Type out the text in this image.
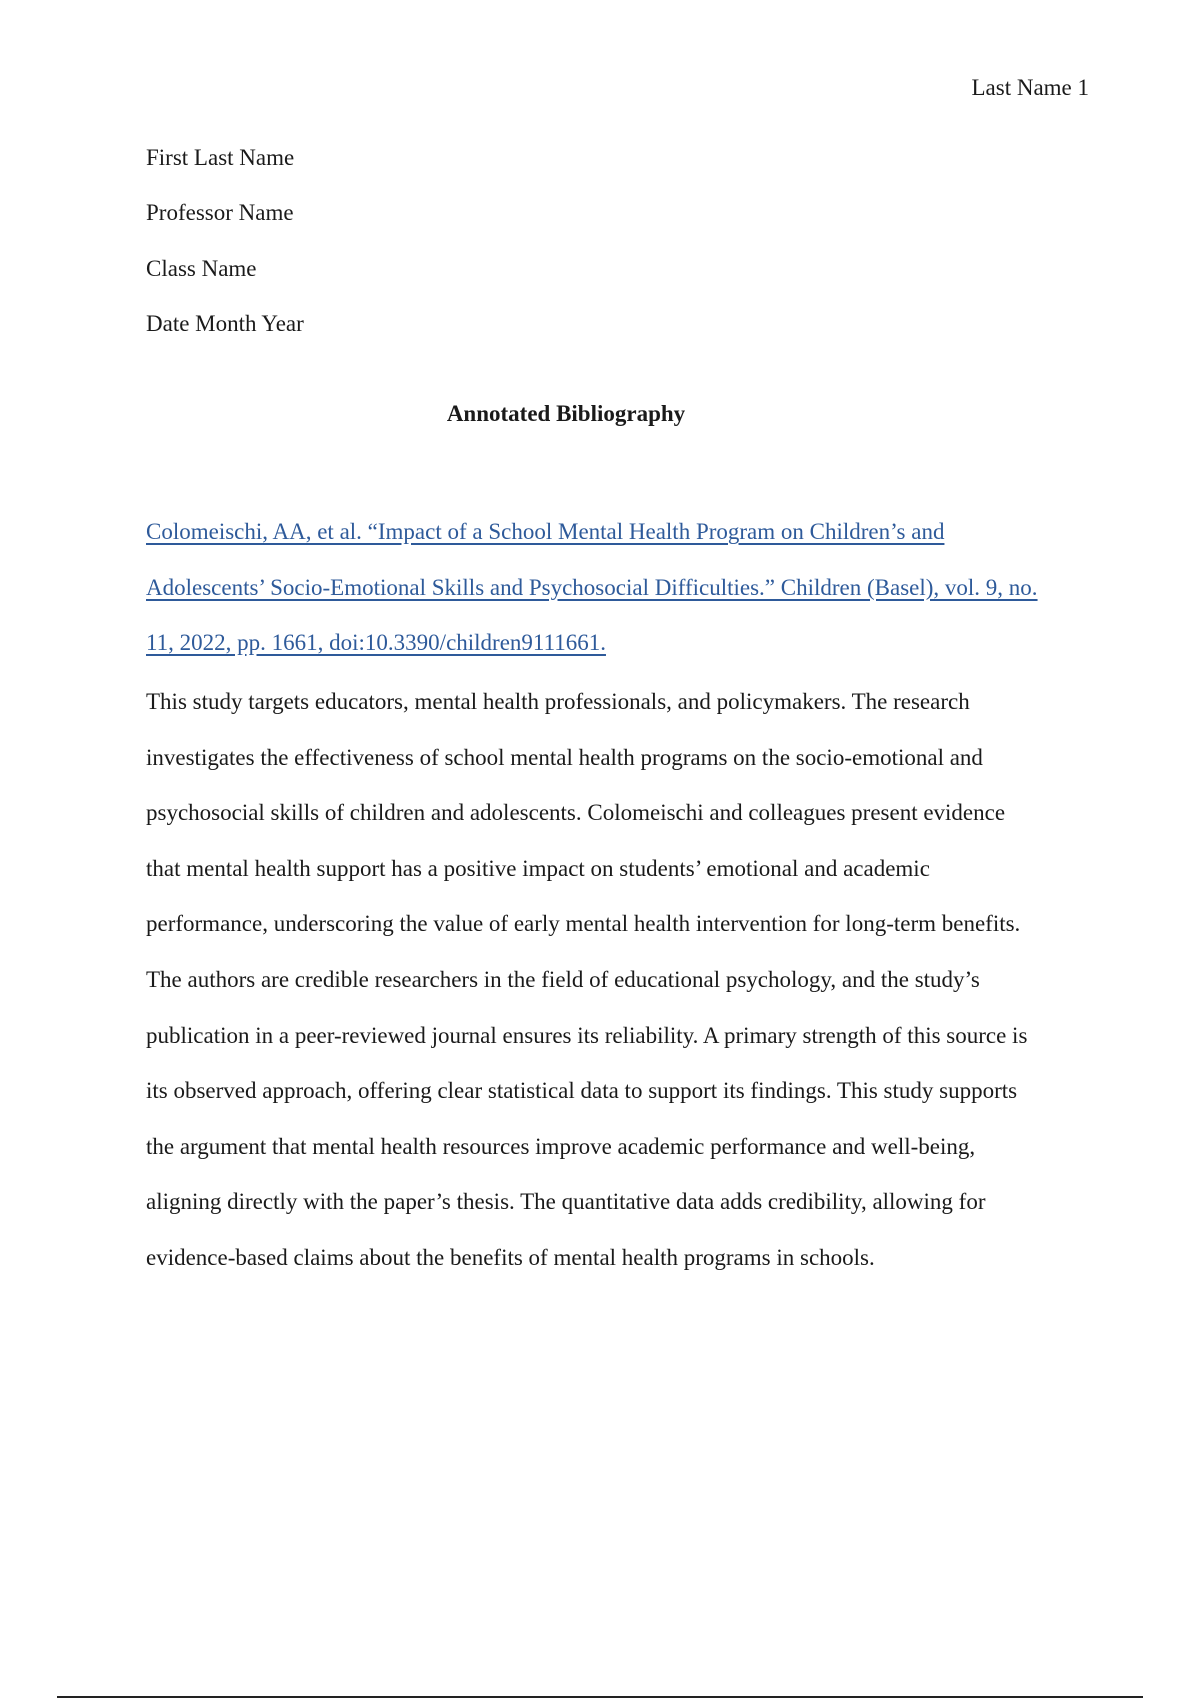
Last Name 1
First Last Name
Professor Name
Class Name
Date Month Year
Annotated Bibliography
Colomeischi, AA, et al. “Impact of a School Mental Health Program on Children’s and
Adolescents’ Socio-Emotional Skills and Psychosocial Difficulties.” Children (Basel), vol. 9, no.
11, 2022, pp. 1661, doi:10.3390/children9111661.
This study targets educators, mental health professionals, and policymakers. The research
investigates the effectiveness of school mental health programs on the socio-emotional and
psychosocial skills of children and adolescents. Colomeischi and colleagues present evidence
that mental health support has a positive impact on students’ emotional and academic
performance, underscoring the value of early mental health intervention for long-term benefits.
The authors are credible researchers in the field of educational psychology, and the study’s
publication in a peer-reviewed journal ensures its reliability. A primary strength of this source is
its observed approach, offering clear statistical data to support its findings. This study supports
the argument that mental health resources improve academic performance and well-being,
aligning directly with the paper’s thesis. The quantitative data adds credibility, allowing for
evidence-based claims about the benefits of mental health programs in schools.
